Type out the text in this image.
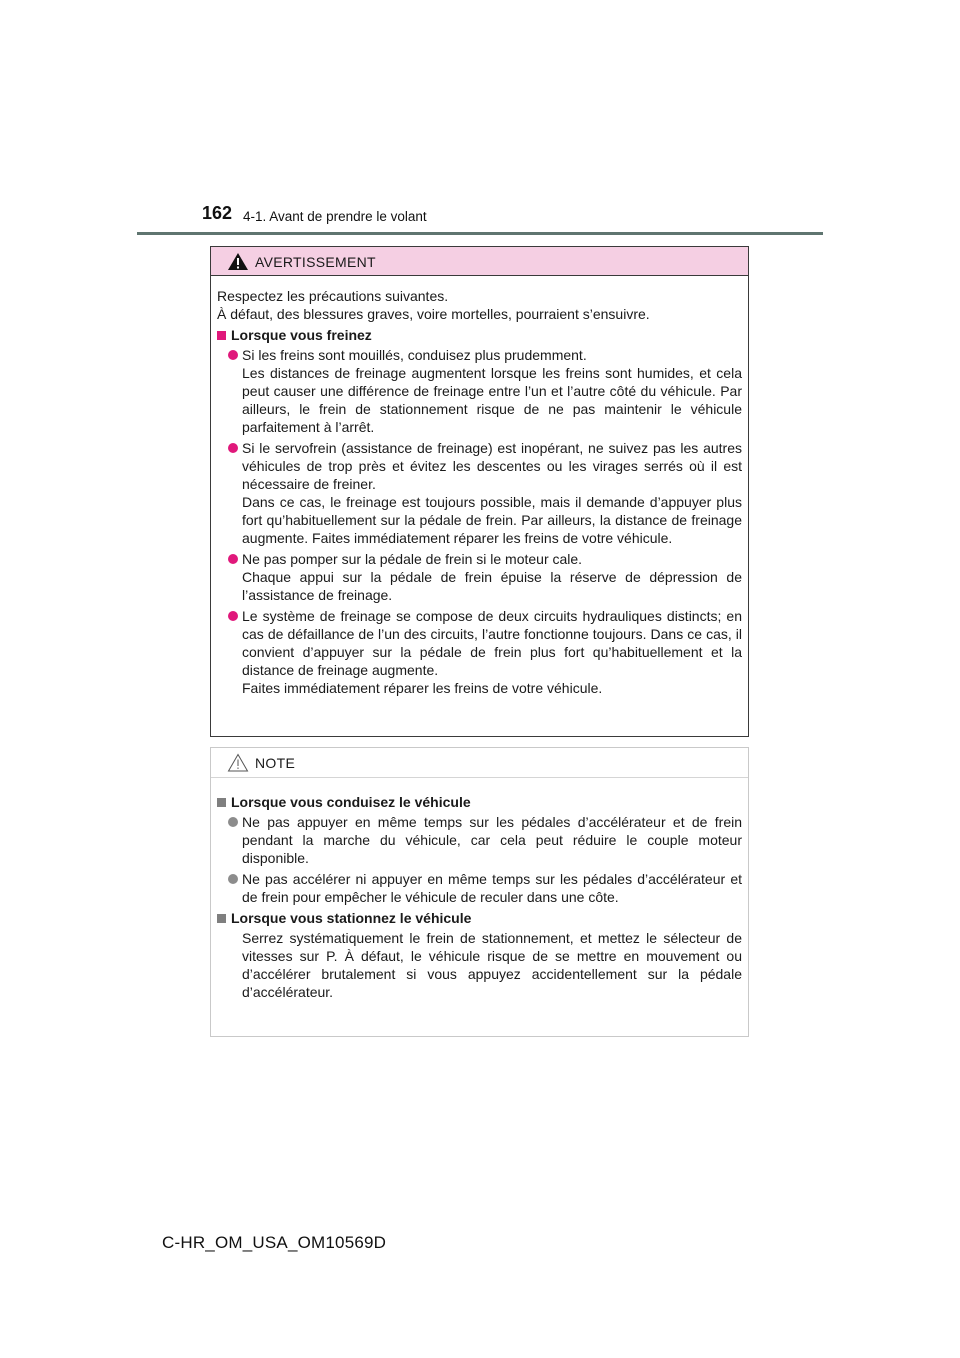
162 4-1. Avant de prendre le volant
AVERTISSEMENT

Respectez les précautions suivantes.

À défaut, des blessures graves, voire mortelles, pourraient s’ensuivre.

Lorsque vous freinez

Si les freins sont mouillés, conduisez plus prudemment.

Les distances de freinage augmentent lorsque les freins sont humides, et cela peut causer une différence de freinage entre l’un et l’autre côté du véhicule. Par ailleurs, le frein de stationnement risque de ne pas maintenir le véhicule parfaitement à l’arrêt.

Si le servofrein (assistance de freinage) est inopérant, ne suivez pas les autres véhicules de trop près et évitez les descentes ou les virages serrés où il est nécessaire de freiner.

Dans ce cas, le freinage est toujours possible, mais il demande d’appuyer plus fort qu’habituellement sur la pédale de frein. Par ailleurs, la distance de freinage augmente. Faites immédiatement réparer les freins de votre véhicule.

Ne pas pomper sur la pédale de frein si le moteur cale.

Chaque appui sur la pédale de frein épuise la réserve de dépression de l’assistance de freinage.

Le système de freinage se compose de deux circuits hydrauliques distincts; en cas de défaillance de l’un des circuits, l’autre fonctionne toujours. Dans ce cas, il convient d’appuyer sur la pédale de frein plus fort qu’habituellement et la distance de freinage augmente.

Faites immédiatement réparer les freins de votre véhicule.

NOTE
Lorsque vous conduisez le véhicule

Ne pas appuyer en même temps sur les pédales d’accélérateur et de frein pendant la marche du véhicule, car cela peut réduire le couple moteur disponible.

Ne pas accélérer ni appuyer en même temps sur les pédales d’accélérateur et de frein pour empêcher le véhicule de reculer dans une côte.

Lorsque vous stationnez le véhicule

Serrez systématiquement le frein de stationnement, et mettez le sélecteur de vitesses sur P. À défaut, le véhicule risque de se mettre en mouvement ou d’accélérer brutalement si vous appuyez accidentellement sur la pédale d’accélérateur.

C-HR_OM_USA_OM10569D
